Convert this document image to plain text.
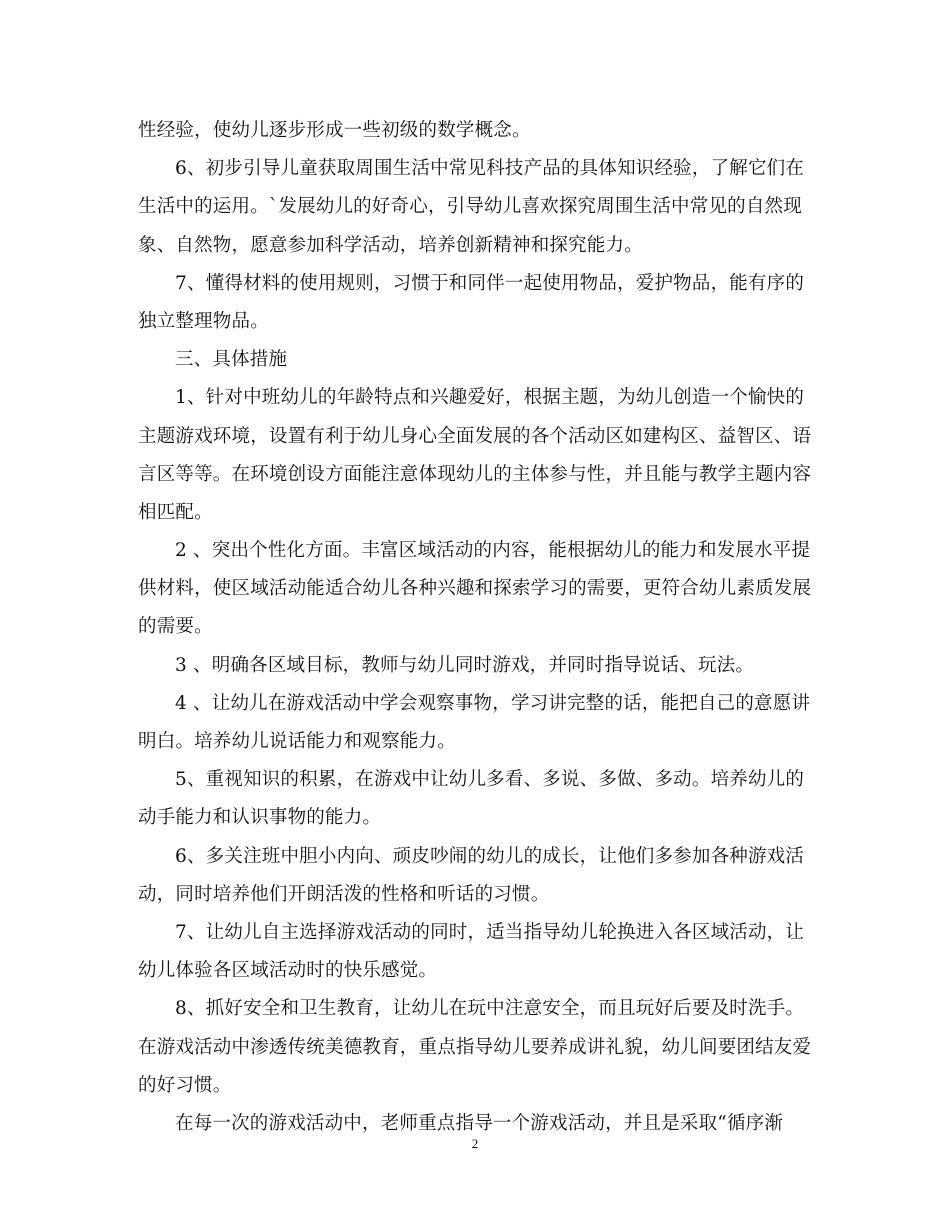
性经验，使幼儿逐步形成一些初级的数学概念。
6、初步引导儿童获取周围生活中常见科技产品的具体知识经验，了解它们在
生活中的运用。`发展幼儿的好奇心，引导幼儿喜欢探究周围生活中常见的自然现
象、自然物，愿意参加科学活动，培养创新精神和探究能力。
7、懂得材料的使用规则，习惯于和同伴一起使用物品，爱护物品，能有序的
独立整理物品。
三、具体措施
1、针对中班幼儿的年龄特点和兴趣爱好，根据主题，为幼儿创造一个愉快的
主题游戏环境，设置有利于幼儿身心全面发展的各个活动区如建构区、益智区、语
言区等等。在环境创设方面能注意体现幼儿的主体参与性，并且能与教学主题内容
相匹配。
2 、突出个性化方面。丰富区域活动的内容，能根据幼儿的能力和发展水平提
供材料，使区域活动能适合幼儿各种兴趣和探索学习的需要，更符合幼儿素质发展
的需要。
3 、明确各区域目标，教师与幼儿同时游戏，并同时指导说话、玩法。
4 、让幼儿在游戏活动中学会观察事物，学习讲完整的话，能把自己的意愿讲
明白。培养幼儿说话能力和观察能力。
5、重视知识的积累，在游戏中让幼儿多看、多说、多做、多动。培养幼儿的
动手能力和认识事物的能力。
6、多关注班中胆小内向、顽皮吵闹的幼儿的成长，让他们多参加各种游戏活
动，同时培养他们开朗活泼的性格和听话的习惯。
7、让幼儿自主选择游戏活动的同时，适当指导幼儿轮换进入各区域活动，让
幼儿体验各区域活动时的快乐感觉。
8、抓好安全和卫生教育，让幼儿在玩中注意安全，而且玩好后要及时洗手。
在游戏活动中渗透传统美德教育，重点指导幼儿要养成讲礼貌，幼儿间要团结友爱
的好习惯。
在每一次的游戏活动中，老师重点指导一个游戏活动，并且是采取“循序渐
2
